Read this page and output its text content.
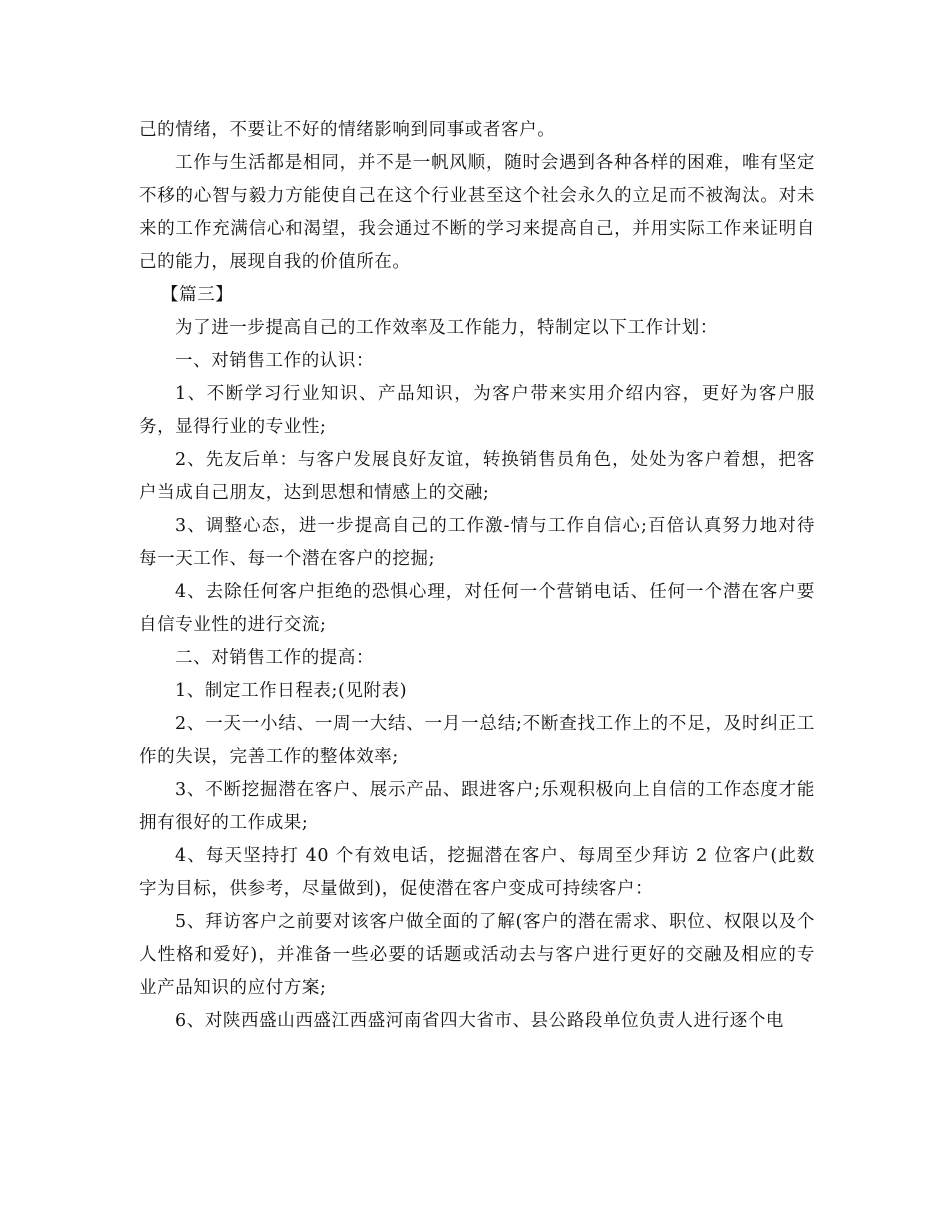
己的情绪，不要让不好的情绪影响到同事或者客户。

工作与生活都是相同，并不是一帆风顺，随时会遇到各种各样的困难，唯有坚定不移的心智与毅力方能使自己在这个行业甚至这个社会永久的立足而不被淘汰。对未来的工作充满信心和渴望，我会通过不断的学习来提高自己，并用实际工作来证明自己的能力，展现自我的价值所在。

【篇三】

为了进一步提高自己的工作效率及工作能力，特制定以下工作计划：

一、对销售工作的认识：

1、不断学习行业知识、产品知识，为客户带来实用介绍内容，更好为客户服务，显得行业的专业性;

2、先友后单：与客户发展良好友谊，转换销售员角色，处处为客户着想，把客户当成自己朋友，达到思想和情感上的交融;

3、调整心态，进一步提高自己的工作激-情与工作自信心;百倍认真努力地对待每一天工作、每一个潜在客户的挖掘;

4、去除任何客户拒绝的恐惧心理，对任何一个营销电话、任何一个潜在客户要自信专业性的进行交流;

二、对销售工作的提高：

1、制定工作日程表;(见附表)

2、一天一小结、一周一大结、一月一总结;不断查找工作上的不足，及时纠正工作的失误，完善工作的整体效率;

3、不断挖掘潜在客户、展示产品、跟进客户;乐观积极向上自信的工作态度才能拥有很好的工作成果;

4、每天坚持打 40 个有效电话，挖掘潜在客户、每周至少拜访 2 位客户(此数字为目标，供参考，尽量做到)，促使潜在客户变成可持续客户：

5、拜访客户之前要对该客户做全面的了解(客户的潜在需求、职位、权限以及个人性格和爱好)，并准备一些必要的话题或活动去与客户进行更好的交融及相应的专业产品知识的应付方案;

6、对陕西盛山西盛江西盛河南省四大省市、县公路段单位负责人进行逐个电
